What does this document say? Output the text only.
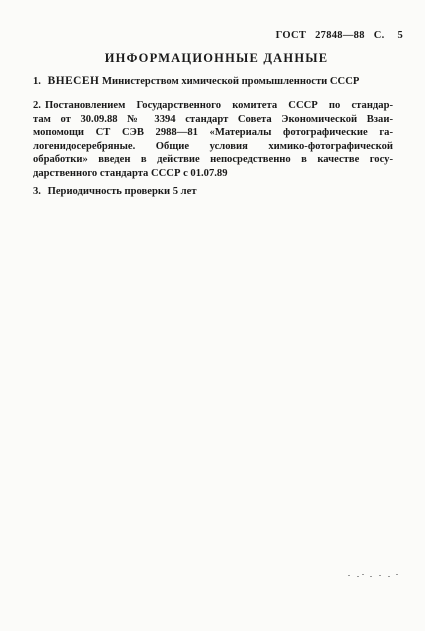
ГОСТ 27848—88 С. 5
ИНФОРМАЦИОННЫЕ ДАННЫЕ
1. ВНЕСЕН Министерством химической промышленности СССР
2. Постановлением Государственного комитета СССР по стандар-
там от 30.09.88 № 3394 стандарт Совета Экономической Взаи-
мопомощи СТ СЭВ 2988—81 «Материалы фотографические га-
логенидосеребряные. Общие условия химико-фотографической
обработки» введен в действие непосредственно в качестве госу-
дарственного стандарта СССР с 01.07.89
3. Периодичность проверки 5 лет
